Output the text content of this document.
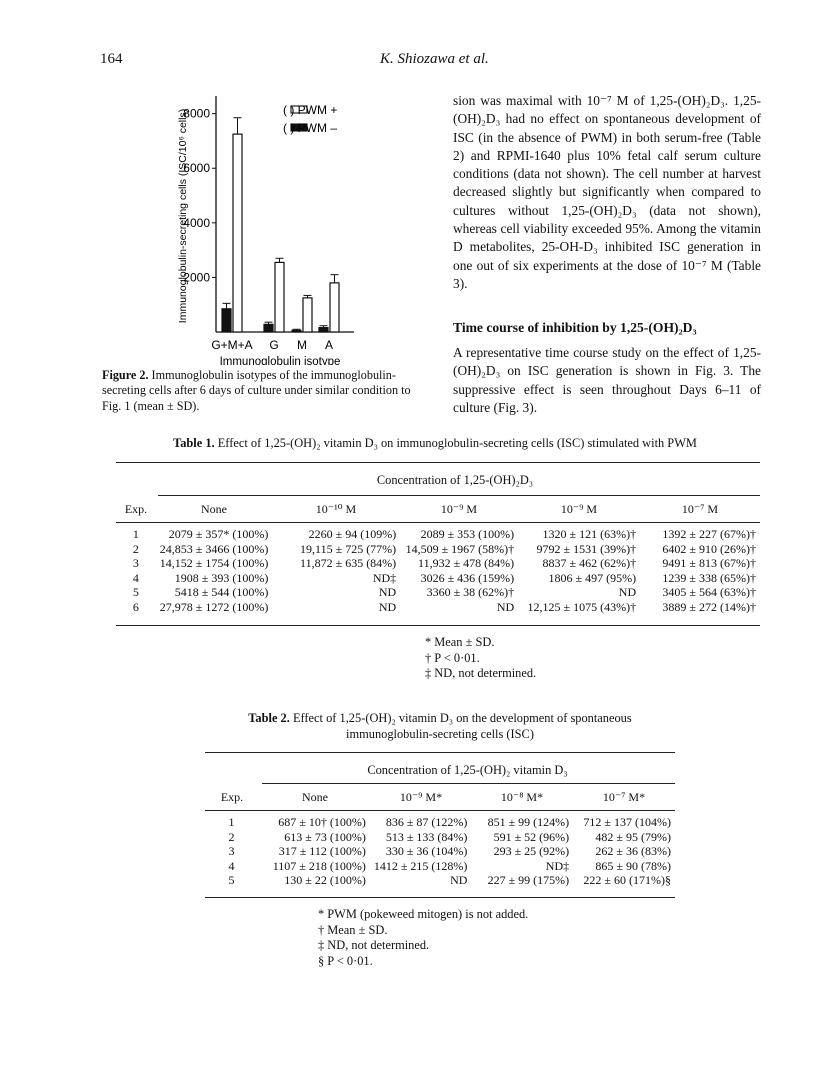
164	K. Shiozawa et al.
2000
4000
6000
8000
Immunoglobulin-secreting cells (ISC/10⁶ cells)
Immunoglobulin isotype
G+M+A G M A
( ) PWM +
( ) PWM –
Figure 2. Immunoglobulin isotypes of the immunoglobulin-secreting cells after 6 days of culture under similar condition to Fig. 1 (mean ± SD).
sion was maximal with 10⁻⁷ M of 1,25-(OH)₂D₃. 1,25-(OH)₂D₃ had no effect on spontaneous development of ISC (in the absence of PWM) in both serum-free (Table 2) and RPMI-1640 plus 10% fetal calf serum culture conditions (data not shown). The cell number at harvest decreased slightly but significantly when compared to cultures without 1,25-(OH)₂D₃ (data not shown), whereas cell viability exceeded 95%. Among the vitamin D metabolites, 25-OH-D₃ inhibited ISC generation in one out of six experiments at the dose of 10⁻⁷ M (Table 3).
Time course of inhibition by 1,25-(OH)₂D₃
A representative time course study on the effect of 1,25-(OH)₂D₃ on ISC generation is shown in Fig. 3. The suppressive effect is seen throughout Days 6–11 of culture (Fig. 3).
Table 1. Effect of 1,25-(OH)₂ vitamin D₃ on immunoglobulin-secreting cells (ISC) stimulated with PWM
Concentration of 1,25-(OH)₂D₃
Exp.	None	10⁻¹⁰ M	10⁻⁹ M	10⁻⁹ M	10⁻⁷ M
1	2079 ± 357* (100%)	2260 ± 94 (109%)	2089 ± 353 (100%)	1320 ± 121 (63%)†	1392 ± 227 (67%)†
2	24,853 ± 3466 (100%)	19,115 ± 725 (77%)	14,509 ± 1967 (58%)†	9792 ± 1531 (39%)†	6402 ± 910 (26%)†
3	14,152 ± 1754 (100%)	11,872 ± 635 (84%)	11,932 ± 478 (84%)	8837 ± 462 (62%)†	9491 ± 813 (67%)†
4	1908 ± 393 (100%)	ND‡	3026 ± 436 (159%)	1806 ± 497 (95%)	1239 ± 338 (65%)†
5	5418 ± 544 (100%)	ND	3360 ± 38 (62%)†	ND	3405 ± 564 (63%)†
6	27,978 ± 1272 (100%)	ND	ND	12,125 ± 1075 (43%)†	3889 ± 272 (14%)†
* Mean ± SD.
† P < 0·01.
‡ ND, not determined.
Table 2. Effect of 1,25-(OH)₂ vitamin D₃ on the development of spontaneous immunoglobulin-secreting cells (ISC)
Concentration of 1,25-(OH)₂ vitamin D₃
Exp.	None	10⁻⁹ M*	10⁻⁸ M*	10⁻⁷ M*
1	687 ± 10† (100%)	836 ± 87 (122%)	851 ± 99 (124%)	712 ± 137 (104%)
2	613 ± 73 (100%)	513 ± 133 (84%)	591 ± 52 (96%)	482 ± 95 (79%)
3	317 ± 112 (100%)	330 ± 36 (104%)	293 ± 25 (92%)	262 ± 36 (83%)
4	1107 ± 218 (100%)	1412 ± 215 (128%)	ND‡	865 ± 90 (78%)
5	130 ± 22 (100%)	ND	227 ± 99 (175%)	222 ± 60 (171%)§
* PWM (pokeweed mitogen) is not added.
† Mean ± SD.
‡ ND, not determined.
§ P < 0·01.
